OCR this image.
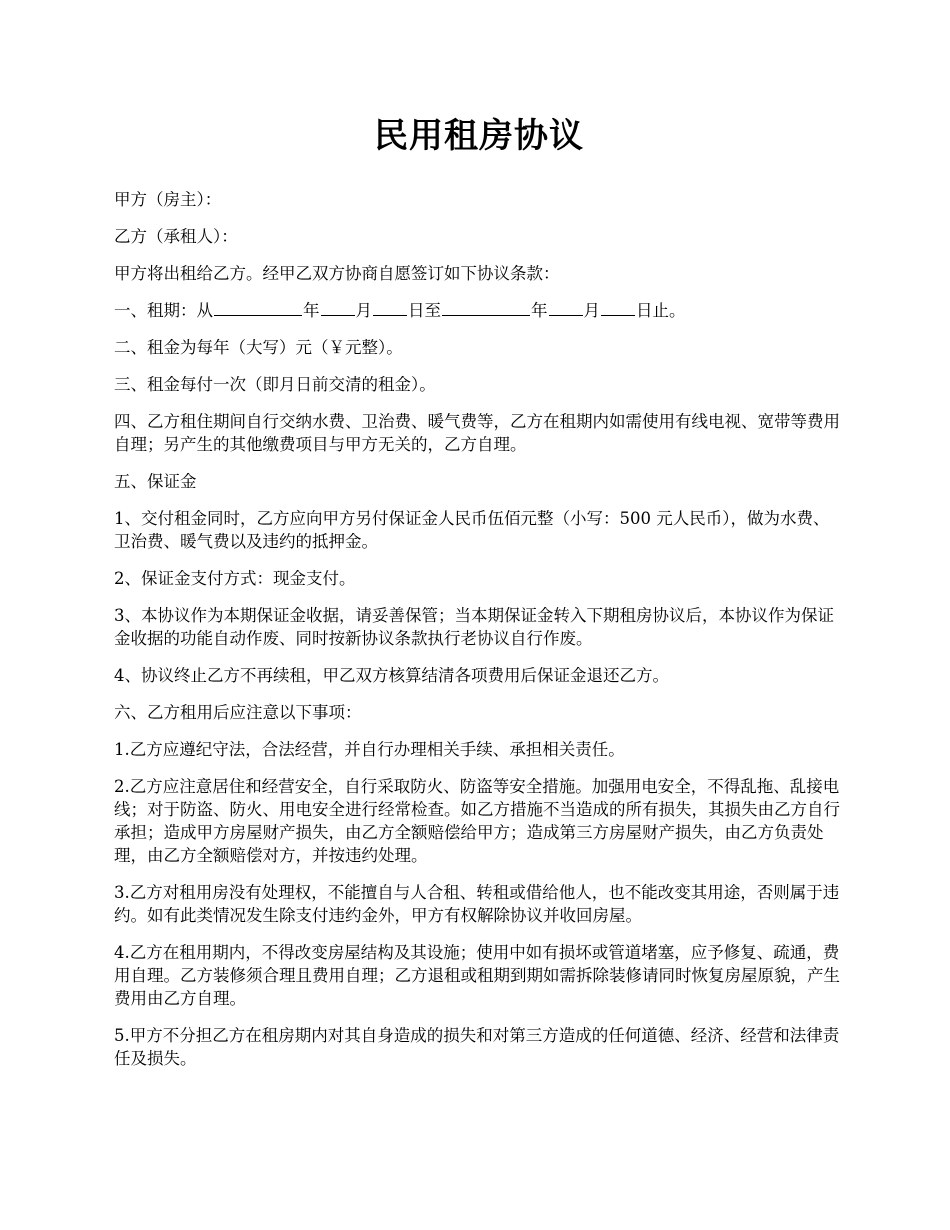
民用租房协议

甲方（房主）：

乙方（承租人）：

甲方将出租给乙方。经甲乙双方协商自愿签订如下协议条款：

一、租期：从	年 月 日至	年 月 日止。

二、租金为每年（大写）元（￥元整）。

三、租金每付一次（即月日前交清的租金）。

四、乙方租住期间自行交纳水费、卫治费、暖气费等，乙方在租期内如需使用有线电视、宽带等费用自理；另产生的其他缴费项目与甲方无关的，乙方自理。

五、保证金

1、交付租金同时，乙方应向甲方另付保证金人民币伍佰元整（小写：500 元人民币），做为水费、卫治费、暖气费以及违约的抵押金。

2、保证金支付方式：现金支付。

3、本协议作为本期保证金收据，请妥善保管；当本期保证金转入下期租房协议后，本协议作为保证金收据的功能自动作废、同时按新协议条款执行老协议自行作废。

4、协议终止乙方不再续租，甲乙双方核算结清各项费用后保证金退还乙方。

六、乙方租用后应注意以下事项：

1.乙方应遵纪守法，合法经营，并自行办理相关手续、承担相关责任。

2.乙方应注意居住和经营安全，自行采取防火、防盗等安全措施。加强用电安全，不得乱拖、乱接电线；对于防盗、防火、用电安全进行经常检查。如乙方措施不当造成的所有损失，其损失由乙方自行承担；造成甲方房屋财产损失，由乙方全额赔偿给甲方；造成第三方房屋财产损失，由乙方负责处理，由乙方全额赔偿对方，并按违约处理。

3.乙方对租用房没有处理权，不能擅自与人合租、转租或借给他人，也不能改变其用途，否则属于违约。如有此类情况发生除支付违约金外，甲方有权解除协议并收回房屋。

4.乙方在租用期内，不得改变房屋结构及其设施；使用中如有损坏或管道堵塞，应予修复、疏通，费用自理。乙方装修须合理且费用自理；乙方退租或租期到期如需拆除装修请同时恢复房屋原貌，产生费用由乙方自理。

5.甲方不分担乙方在租房期内对其自身造成的损失和对第三方造成的任何道德、经济、经营和法律责任及损失。
